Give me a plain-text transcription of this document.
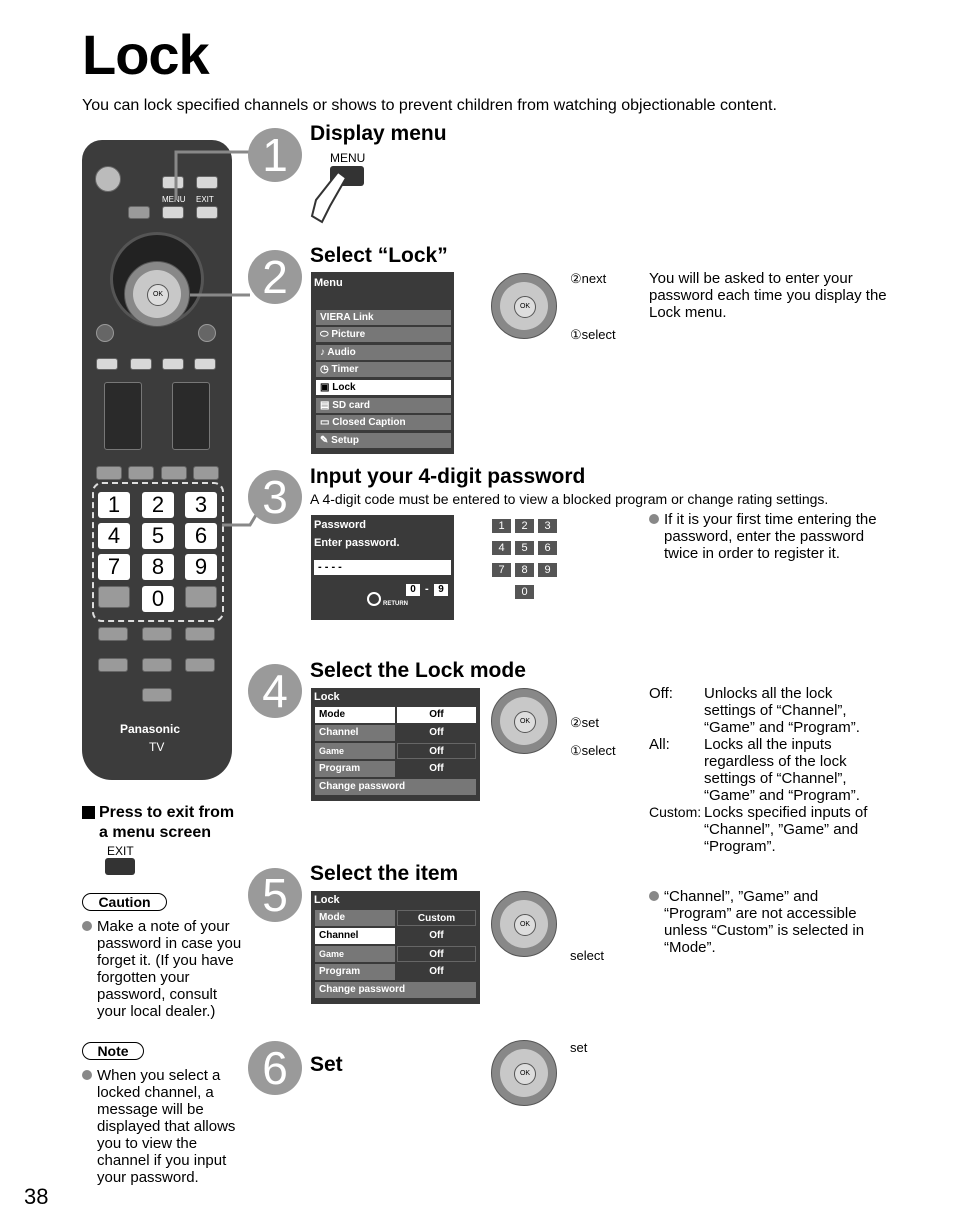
Lock
You can lock specified channels or shows to prevent children from watching objectionable content.
MENU EXIT
OK
1	2	3
4	5	6
7	8	9
0
Panasonic
TV
1	Display menu
MENU
2	Select “Lock”
Menu
VIERA Link
⬭ Picture
♪ Audio
◷ Timer
▣ Lock
▤ SD card
▭ Closed Caption
✎ Setup
OK
②next
①select
You will be asked to enter your password each time you display the Lock menu.
3	Input your 4-digit password
A 4-digit code must be entered to view a blocked program or change rating settings.
Password
Enter password.
- - - -
0 - 9
RETURN
1 2 3
4 5 6
7 8 9
0
If it is your first time entering the password, enter the password twice in order to register it.
4	Select the Lock mode
Lock
Mode	Off
Channel	Off
Game	Off
Program	Off
Change password
OK	②set
①select
Off:	Unlocks all the lock settings of “Channel”, “Game” and “Program”.
All:	Locks all the inputs regardless of the lock settings of “Channel”, “Game” and “Program”.
Custom: Locks specified inputs of “Channel”, ”Game” and “Program”.
Press to exit from
a menu screen
EXIT
Caution
Make a note of your password in case you forget it. (If you have forgotten your password, consult your local dealer.)
5	Select the item
Lock
Mode	Custom
Channel	Off
Game	Off
Program	Off
Change password
OK
select
“Channel”, ”Game” and “Program” are not accessible unless “Custom” is selected in “Mode”.
Note
When you select a locked channel, a message will be displayed that allows you to view the channel if you input your password.
6	Set	OK
set
38
